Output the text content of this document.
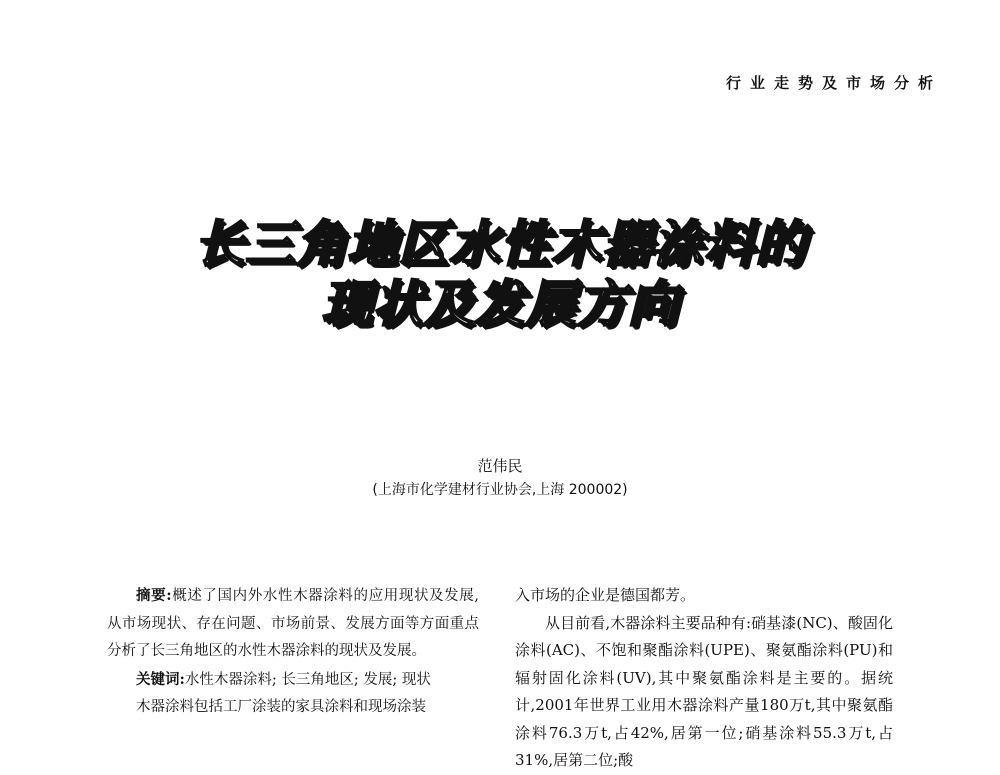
行业走势及市场分析
长三角地区水性木器涂料的
现状及发展方向
范伟民
(上海市化学建材行业协会,上海 200002)

摘要:概述了国内外水性木器涂料的应用现状及发展,从市场现状、存在问题、市场前景、发展方面等方面重点分析了长三角地区的水性木器涂料的现状及发展。

关键词:水性木器涂料; 长三角地区; 发展; 现状

木器涂料包括工厂涂装的家具涂料和现场涂装

入市场的企业是德国都芳。

从目前看,木器涂料主要品种有:硝基漆(NC)、酸固化涂料(AC)、不饱和聚酯涂料(UPE)、聚氨酯涂料(PU)和辐射固化涂料(UV),其中聚氨酯涂料是主要的。据统计,2001年世界工业用木器涂料产量180万t,其中聚氨酯涂料76.3万t,占42%,居第一位;硝基涂料55.3万t,占31%,居第二位;酸
